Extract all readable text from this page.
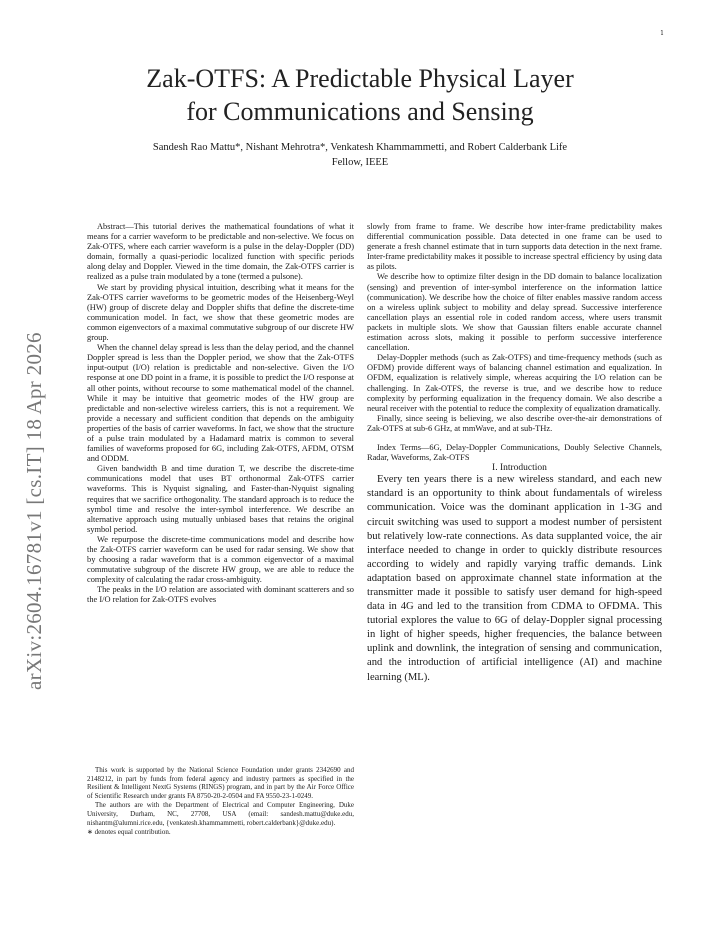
1
arXiv:2604.16781v1 [cs.IT] 18 Apr 2026
Zak-OTFS: A Predictable Physical Layer
for Communications and Sensing
Sandesh Rao Mattu*, Nishant Mehrotra*, Venkatesh Khammammetti, and Robert Calderbank Life
Fellow, IEEE

Abstract—This tutorial derives the mathematical foundations of what it means for a carrier waveform to be predictable and non-selective. We focus on Zak-OTFS, where each carrier waveform is a pulse in the delay-Doppler (DD) domain, formally a quasi-periodic localized function with specific periods along delay and Doppler. Viewed in the time domain, the Zak-OTFS carrier is realized as a pulse train modulated by a tone (termed a pulsone).

We start by providing physical intuition, describing what it means for the Zak-OTFS carrier waveforms to be geometric modes of the Heisenberg-Weyl (HW) group of discrete delay and Doppler shifts that define the discrete-time communication model. In fact, we show that these geometric modes are common eigenvectors of a maximal commutative subgroup of our discrete HW group.

When the channel delay spread is less than the delay period, and the channel Doppler spread is less than the Doppler period, we show that the Zak-OTFS input-output (I/O) relation is predictable and non-selective. Given the I/O response at one DD point in a frame, it is possible to predict the I/O response at all other points, without recourse to some mathematical model of the channel. While it may be intuitive that geometric modes of the HW group are predictable and non-selective wireless carriers, this is not a requirement. We provide a necessary and sufficient condition that depends on the ambiguity properties of the basis of carrier waveforms. In fact, we show that the structure of a pulse train modulated by a Hadamard matrix is common to several families of waveforms proposed for 6G, including Zak-OTFS, AFDM, OTSM and ODDM.

Given bandwidth B and time duration T, we describe the discrete-time communications model that uses BT orthonormal Zak-OTFS carrier waveforms. This is Nyquist signaling, and Faster-than-Nyquist signaling requires that we sacrifice orthogonality. The standard approach is to reduce the symbol time and resolve the inter-symbol interference. We describe an alternative approach using mutually unbiased bases that retains the original symbol period.

We repurpose the discrete-time communications model and describe how the Zak-OTFS carrier waveform can be used for radar sensing. We show that by choosing a radar waveform that is a common eigenvector of a maximal commutative subgroup of the discrete HW group, we are able to reduce the complexity of calculating the radar cross-ambiguity.

The peaks in the I/O relation are associated with dominant scatterers and so the I/O relation for Zak-OTFS evolves

slowly from frame to frame. We describe how inter-frame predictability makes differential communication possible. Data detected in one frame can be used to generate a fresh channel estimate that in turn supports data detection in the next frame. Inter-frame predictability makes it possible to increase spectral efficiency by using data as pilots.

We describe how to optimize filter design in the DD domain to balance localization (sensing) and prevention of inter-symbol interference on the information lattice (communication). We describe how the choice of filter enables massive random access on a wireless uplink subject to mobility and delay spread. Successive interference cancellation plays an essential role in coded random access, where users transmit packets in multiple slots. We show that Gaussian filters enable accurate channel estimation across slots, making it possible to perform successive interference cancellation.

Delay-Doppler methods (such as Zak-OTFS) and time-frequency methods (such as OFDM) provide different ways of balancing channel estimation and equalization. In OFDM, equalization is relatively simple, whereas acquiring the I/O relation can be challenging. In Zak-OTFS, the reverse is true, and we describe how to reduce complexity by performing equalization in the frequency domain. We also describe a neural receiver with the potential to reduce the complexity of equalization dramatically.

Finally, since seeing is believing, we also describe over-the-air demonstrations of Zak-OTFS at sub-6 GHz, at mmWave, and at sub-THz.

Index Terms—6G, Delay-Doppler Communications, Doubly Selective Channels, Radar, Waveforms, Zak-OTFS

I. Introduction

Every ten years there is a new wireless standard, and each new standard is an opportunity to think about fundamentals of wireless communication. Voice was the dominant application in 1-3G and circuit switching was used to support a modest number of persistent but relatively low-rate connections. As data supplanted voice, the air interface needed to change in order to quickly distribute resources according to widely and rapidly varying traffic demands. Link adaptation based on approximate channel state information at the transmitter made it possible to satisfy user demand for high-speed data in 4G and led to the transition from CDMA to OFDMA. This tutorial explores the value to 6G of delay-Doppler signal processing in light of higher speeds, higher frequencies, the balance between uplink and downlink, the integration of sensing and communication, and the introduction of artificial intelligence (AI) and machine learning (ML).

This work is supported by the National Science Foundation under grants 2342690 and 2148212, in part by funds from federal agency and industry partners as specified in the Resilient & Intelligent NextG Systems (RINGS) program, and in part by the Air Force Office of Scientific Research under grants FA 8750-20-2-0504 and FA 9550-23-1-0249.

The authors are with the Department of Electrical and Computer Engineering, Duke University, Durham, NC, 27708, USA (email: sandesh.mattu@duke.edu, nishantm@alumni.rice.edu, {venkatesh.khammammetti, robert.calderbank}@duke.edu).

∗ denotes equal contribution.
